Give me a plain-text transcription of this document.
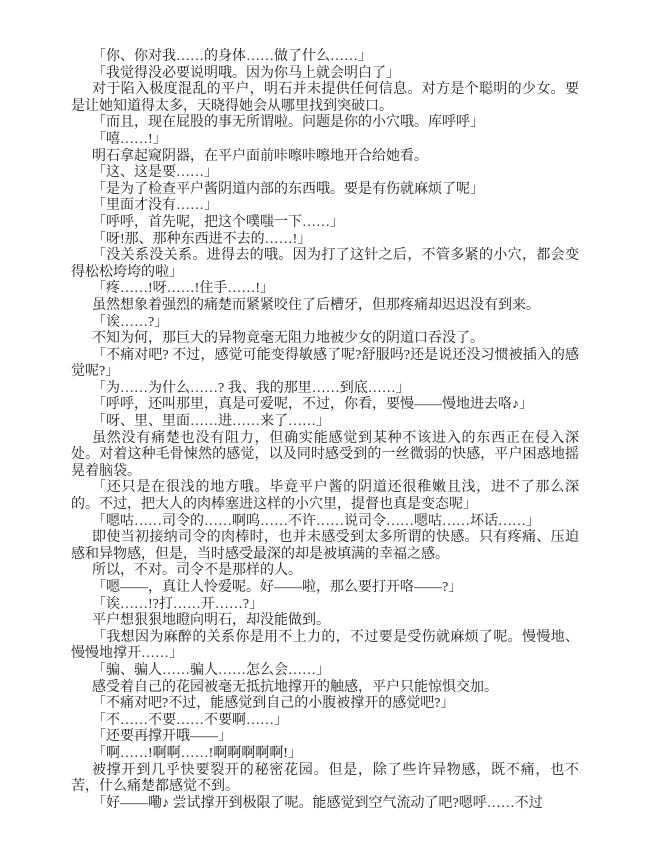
「你、你对我……的身体……做了什么……」

「我觉得没必要说明哦。因为你马上就会明白了」

对于陷入极度混乱的平户，明石并未提供任何信息。对方是个聪明的少女。要是让她知道得太多，天晓得她会从哪里找到突破口。

「而且，现在屁股的事无所谓啦。问题是你的小穴哦。库呼呼」

「嘻……!」

明石拿起窥阴器，在平户面前咔嚓咔嚓地开合给她看。

「这、这是要……」

「是为了检查平户酱阴道内部的东西哦。要是有伤就麻烦了呢」

「里面才没有……」

「呼呼，首先呢，把这个噗嗤一下……」

「呀!那、那种东西进不去的……!」

「没关系没关系。进得去的哦。因为打了这针之后，不管多紧的小穴，都会变得松松垮垮的啦」

「疼……!呀……!住手……!」

虽然想象着强烈的痛楚而紧紧咬住了后槽牙，但那疼痛却迟迟没有到来。

「诶……?」

不知为何，那巨大的异物竟毫无阻力地被少女的阴道口吞没了。

「不痛对吧? 不过，感觉可能变得敏感了呢?舒服吗?还是说还没习惯被插入的感觉呢?」

「为……为什么……? 我、我的那里……到底……」

「呼呼，还叫那里，真是可爱呢，不过，你看，要慢——慢地进去咯♪」

「呀、里、里面……进……来了……」

虽然没有痛楚也没有阻力，但确实能感觉到某种不该进入的东西正在侵入深处。对着这种毛骨悚然的感觉，以及同时感受到的一丝微弱的快感，平户困惑地摇晃着脑袋。

「还只是在很浅的地方哦。毕竟平户酱的阴道还很稚嫩且浅，进不了那么深的。不过，把大人的肉棒塞进这样的小穴里，提督也真是变态呢」

「嗯咕……司令的……啊呜……不许……说司令……嗯咕……坏话……」

即使当初接纳司令的肉棒时，也并未感受到太多所谓的快感。只有疼痛、压迫感和异物感，但是，当时感受最深的却是被填满的幸福之感。

所以，不对。司令不是那样的人。

「嗯——，真让人怜爱呢。好——啦，那么要打开咯——?」

「诶……!?打……开……?」

平户想狠狠地瞪向明石，却没能做到。

「我想因为麻醉的关系你是用不上力的，不过要是受伤就麻烦了呢。慢慢地、慢慢地撑开……」

「骗、骗人……骗人……怎么会……」

感受着自己的花园被毫无抵抗地撑开的触感，平户只能惊惧交加。

「不痛对吧?不过，能感觉到自己的小腹被撑开的感觉吧?」

「不……不要……不要啊……」

「还要再撑开哦——」

「啊……!啊啊……!啊啊啊啊啊!」

被撑开到几乎快要裂开的秘密花园。但是，除了些许异物感，既不痛，也不苦，什么痛楚都感觉不到。

「好——嘞♪ 尝试撑开到极限了呢。能感觉到空气流动了吧?嗯呼……不过
